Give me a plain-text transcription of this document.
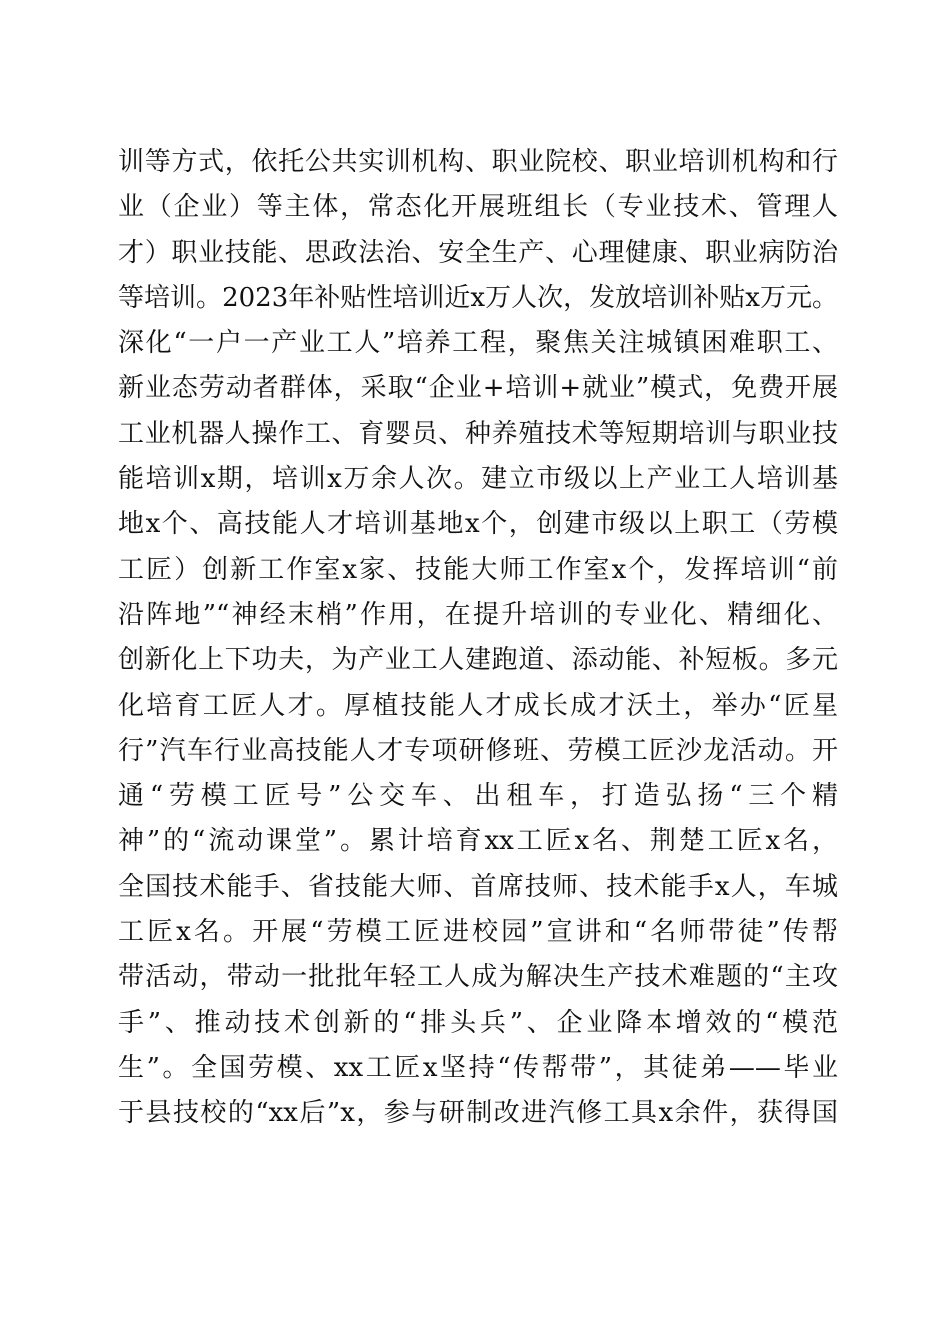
训等方式，依托公共实训机构、职业院校、职业培训机构和行
业（企业）等主体，常态化开展班组长（专业技术、管理人
才）职业技能、思政法治、安全生产、心理健康、职业病防治
等培训。2023年补贴性培训近x万人次，发放培训补贴x万元。
深化“一户一产业工人”培养工程，聚焦关注城镇困难职工、
新业态劳动者群体，采取“企业+培训+就业”模式，免费开展
工业机器人操作工、育婴员、种养殖技术等短期培训与职业技
能培训x期，培训x万余人次。建立市级以上产业工人培训基
地x个、高技能人才培训基地x个，创建市级以上职工（劳模
工匠）创新工作室x家、技能大师工作室x个，发挥培训“前
沿阵地”“神经末梢”作用，在提升培训的专业化、精细化、
创新化上下功夫，为产业工人建跑道、添动能、补短板。多元
化培育工匠人才。厚植技能人才成长成才沃土，举办“匠星
行”汽车行业高技能人才专项研修班、劳模工匠沙龙活动。开
通“劳模工匠号”公交车、出租车，打造弘扬“三个精
神”的“流动课堂”。累计培育xx工匠x名、荆楚工匠x名，
全国技术能手、省技能大师、首席技师、技术能手x人，车城
工匠x名。开展“劳模工匠进校园”宣讲和“名师带徒”传帮
带活动，带动一批批年轻工人成为解决生产技术难题的“主攻
手”、推动技术创新的“排头兵”、企业降本增效的“模范
生”。全国劳模、xx工匠x坚持“传帮带”，其徒弟——毕业
于县技校的“xx后”x，参与研制改进汽修工具x余件，获得国
